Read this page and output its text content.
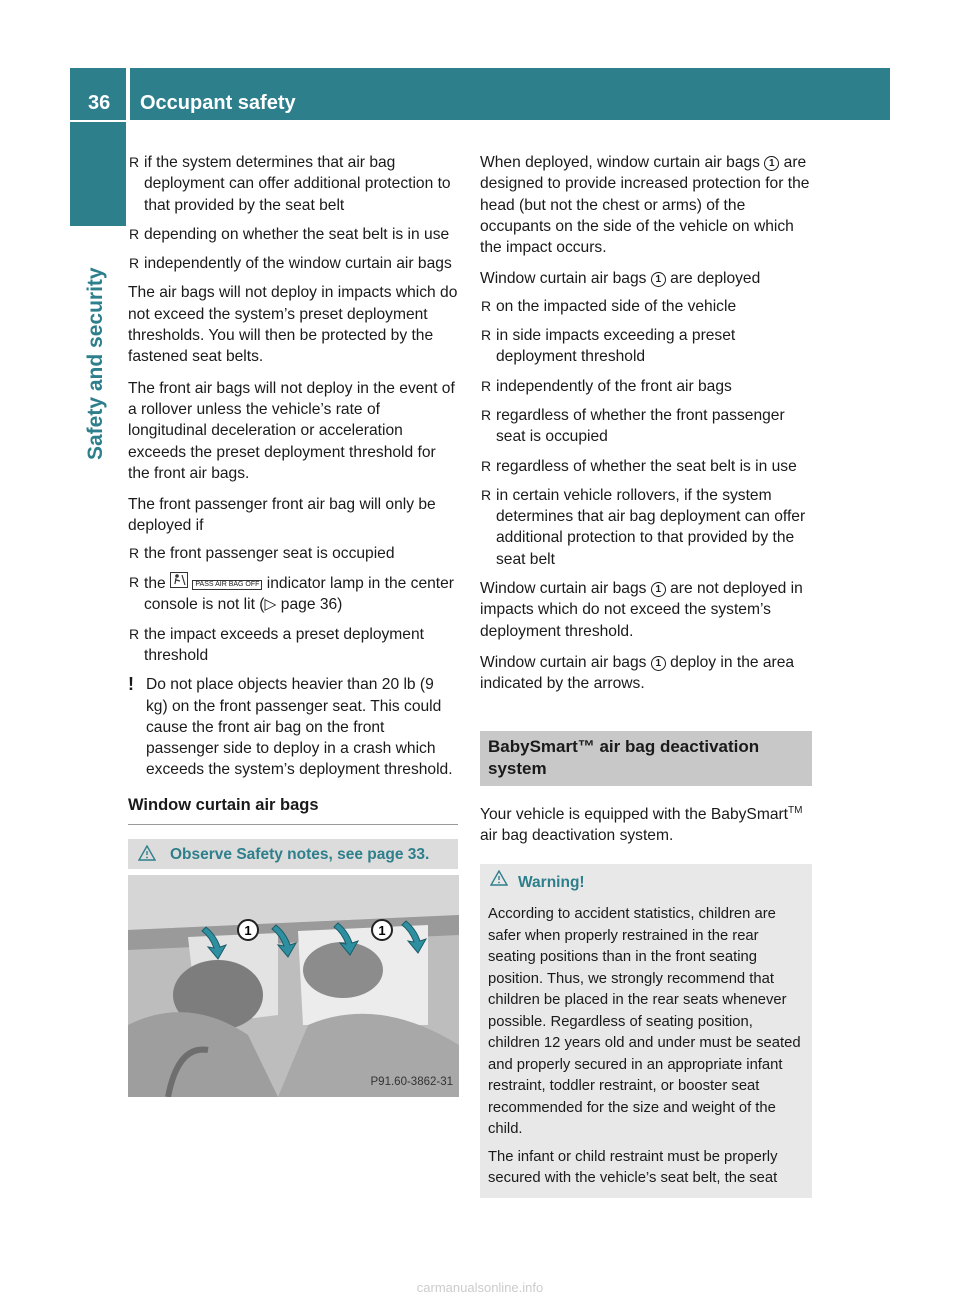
36 Occupant safety
Safety and security
R if the system determines that air bag deployment can offer additional protection to that provided by the seat belt
R depending on whether the seat belt is in use
R independently of the window curtain air bags

The air bags will not deploy in impacts which do not exceed the system’s preset deployment thresholds. You will then be protected by the fastened seat belts.

The front air bags will not deploy in the event of a rollover unless the vehicle’s rate of longitudinal deceleration or acceleration exceeds the preset deployment threshold for the front air bags.

The front passenger front air bag will only be deployed if

R the front passenger seat is occupied
R the	PASS AIR BAG OFF indicator lamp in the center console is not lit (▷ page 36)
R the impact exceeds a preset deployment threshold
! Do not place objects heavier than 20 lb (9 kg) on the front passenger seat. This could cause the front air bag on the front passenger side to deploy in a crash which exceeds the system’s deployment threshold.
Window curtain air bags
Observe Safety notes, see page 33.
1	1
P91.60-3862-31

When deployed, window curtain air bags 1 are designed to provide increased protection for the head (but not the chest or arms) of the occupants on the side of the vehicle on which the impact occurs.

Window curtain air bags 1 are deployed

R on the impacted side of the vehicle
R in side impacts exceeding a preset deployment threshold
R independently of the front air bags
R regardless of whether the front passenger seat is occupied
R regardless of whether the seat belt is in use
R in certain vehicle rollovers, if the system determines that air bag deployment can offer additional protection to that provided by the seat belt

Window curtain air bags 1 are not deployed in impacts which do not exceed the system’s deployment threshold.

Window curtain air bags 1 deploy in the area indicated by the arrows.

BabySmart™ air bag deactivation system

Your vehicle is equipped with the BabySmart™ air bag deactivation system.

Warning!

According to accident statistics, children are safer when properly restrained in the rear seating positions than in the front seating position. Thus, we strongly recommend that children be placed in the rear seats whenever possible. Regardless of seating position, children 12 years old and under must be seated and properly secured in an appropriate infant restraint, toddler restraint, or booster seat recommended for the size and weight of the child.

The infant or child restraint must be properly secured with the vehicle’s seat belt, the seat

carmanualsonline.info
